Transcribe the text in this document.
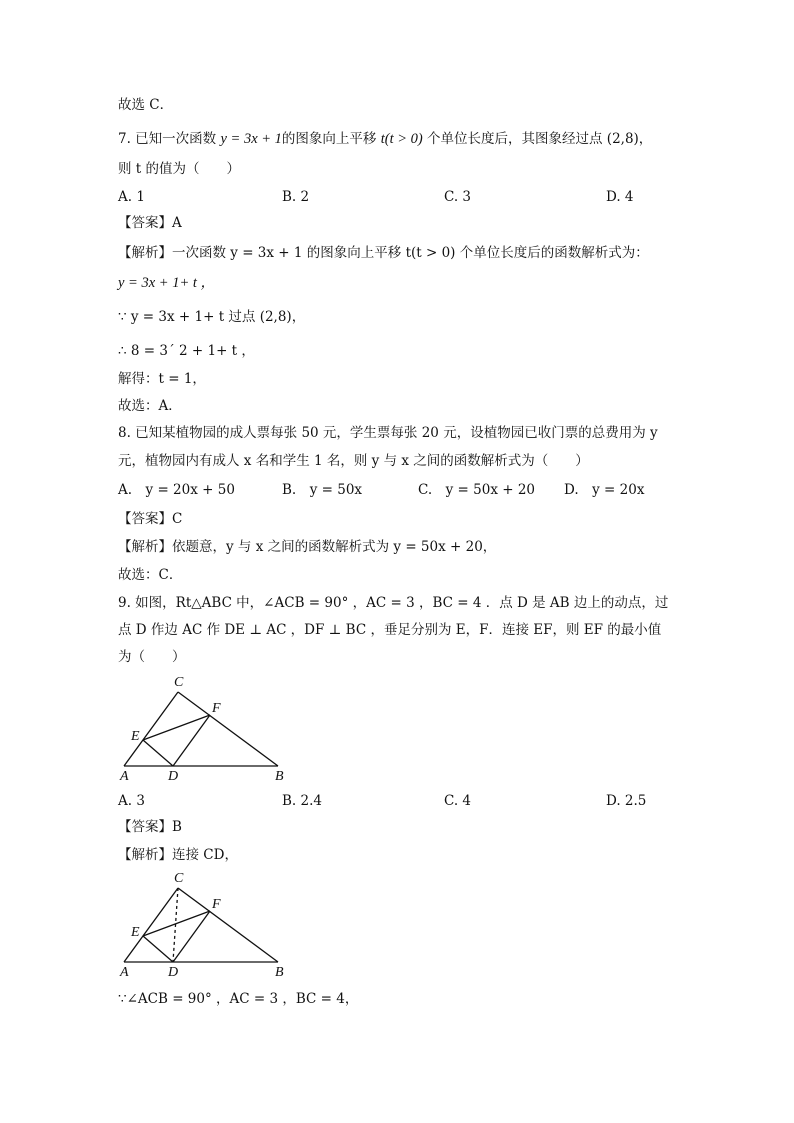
故选 C．
7. 已知一次函数 y = 3x + 1的图象向上平移 t(t > 0) 个单位长度后，其图象经过点 (2,8)，
则 t 的值为（　　）
A. 1	B. 2	C. 3	D. 4
【答案】A
【解析】一次函数 y = 3x + 1 的图象向上平移 t(t > 0) 个单位长度后的函数解析式为：
y = 3x + 1+ t ，
∵ y = 3x + 1+ t 过点 (2,8)，
∴ 8 = 3´ 2 + 1+ t ，
解得：t = 1，
故选：A．
8. 已知某植物园的成人票每张 50 元，学生票每张 20 元，设植物园已收门票的总费用为 y
元，植物园内有成人 x 名和学生 1 名，则 y 与 x 之间的函数解析式为（　　）
A.　y = 20x + 50	B.　y = 50x	C.　y = 50x + 20 D.　y = 20x
【答案】C
【解析】依题意，y 与 x 之间的函数解析式为 y = 50x + 20，
故选：C．
9. 如图，Rt△ABC 中，∠ACB = 90° ，AC = 3 ，BC = 4 ．点 D 是 AB 边上的动点，过
点 D 作边 AC 作 DE ⊥ AC ，DF ⊥ BC ，垂足分别为 E，F．连接 EF，则 EF 的最小值
为（　　）
C
F
E
A	D	B
A. 3	B. 2.4	C. 4	D. 2.5
【答案】B
【解析】连接 CD，
C
F
E
A	D	B
∵∠ACB = 90° ，AC = 3 ，BC = 4，
